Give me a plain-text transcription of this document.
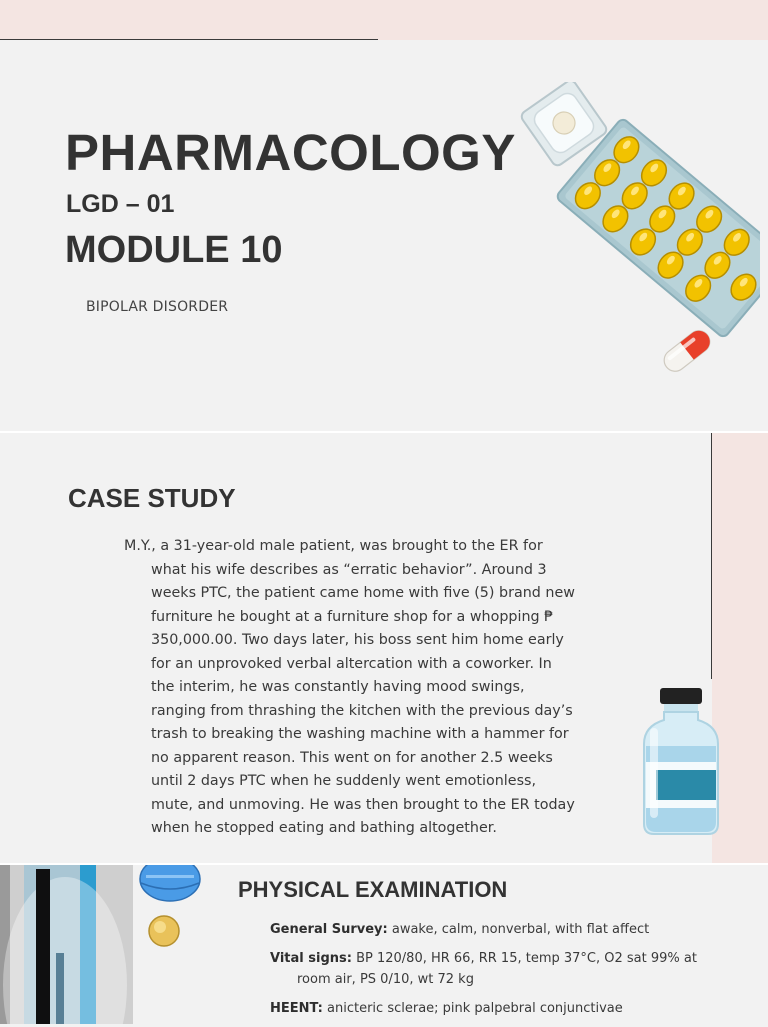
PHARMACOLOGY
LGD – 01
MODULE 10
BIPOLAR DISORDER
CASE STUDY

M.Y., a 31-year-old male patient, was brought to the ER for
what his wife describes as “erratic behavior”. Around 3
weeks PTC, the patient came home with five (5) brand new
furniture he bought at a furniture shop for a whopping ₱
350,000.00. Two days later, his boss sent him home early
for an unprovoked verbal altercation with a coworker. In
the interim, he was constantly having mood swings,
ranging from thrashing the kitchen with the previous day’s
trash to breaking the washing machine with a hammer for
no apparent reason. This went on for another 2.5 weeks
until 2 days PTC when he suddenly went emotionless,
mute, and unmoving. He was then brought to the ER today
when he stopped eating and bathing altogether.

PHYSICAL EXAMINATION
General Survey: awake, calm, nonverbal, with flat affect
Vital signs: BP 120/80, HR 66, RR 15, temp 37°C, O2 sat 99% at
room air, PS 0/10, wt 72 kg
HEENT: anicteric sclerae; pink palpebral conjunctivae
